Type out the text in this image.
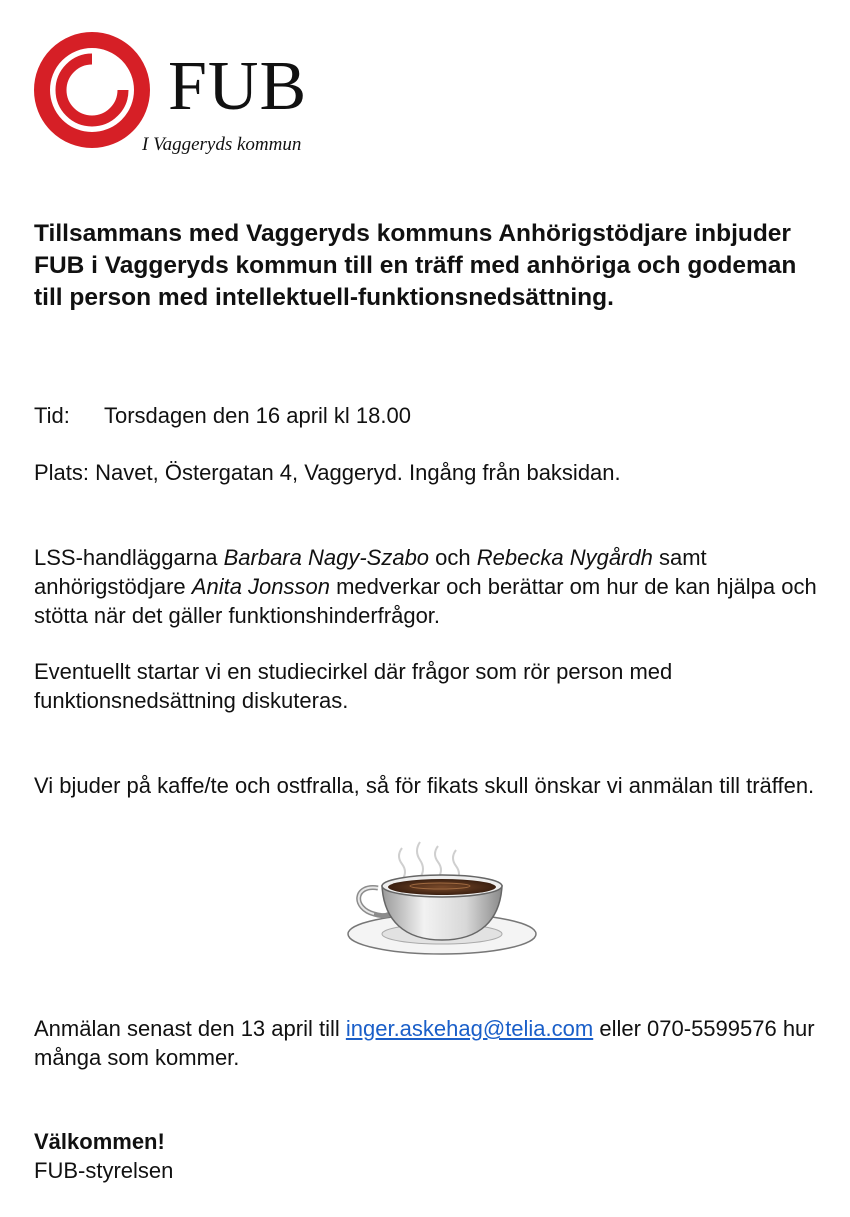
FUB
I Vaggeryds kommun

Tillsammans med Vaggeryds kommuns Anhörigstödjare inbjuder FUB i Vaggeryds kommun till en träff med anhöriga och godeman till person med intellektuell-funktionsnedsättning.

Tid: Torsdagen den 16 april kl 18.00

Plats: Navet, Östergatan 4, Vaggeryd. Ingång från baksidan.

LSS-handläggarna Barbara Nagy-Szabo och Rebecka Nygårdh samt anhörigstödjare Anita Jonsson medverkar och berättar om hur de kan hjälpa och stötta när det gäller funktionshinderfrågor.

Eventuellt startar vi en studiecirkel där frågor som rör person med funktionsnedsättning diskuteras.

Vi bjuder på kaffe/te och ostfralla, så för fikats skull önskar vi anmälan till träffen.

Anmälan senast den 13 april till inger.askehag@telia.com eller 070-5599576 hur många som kommer.

Välkommen!

FUB-styrelsen
